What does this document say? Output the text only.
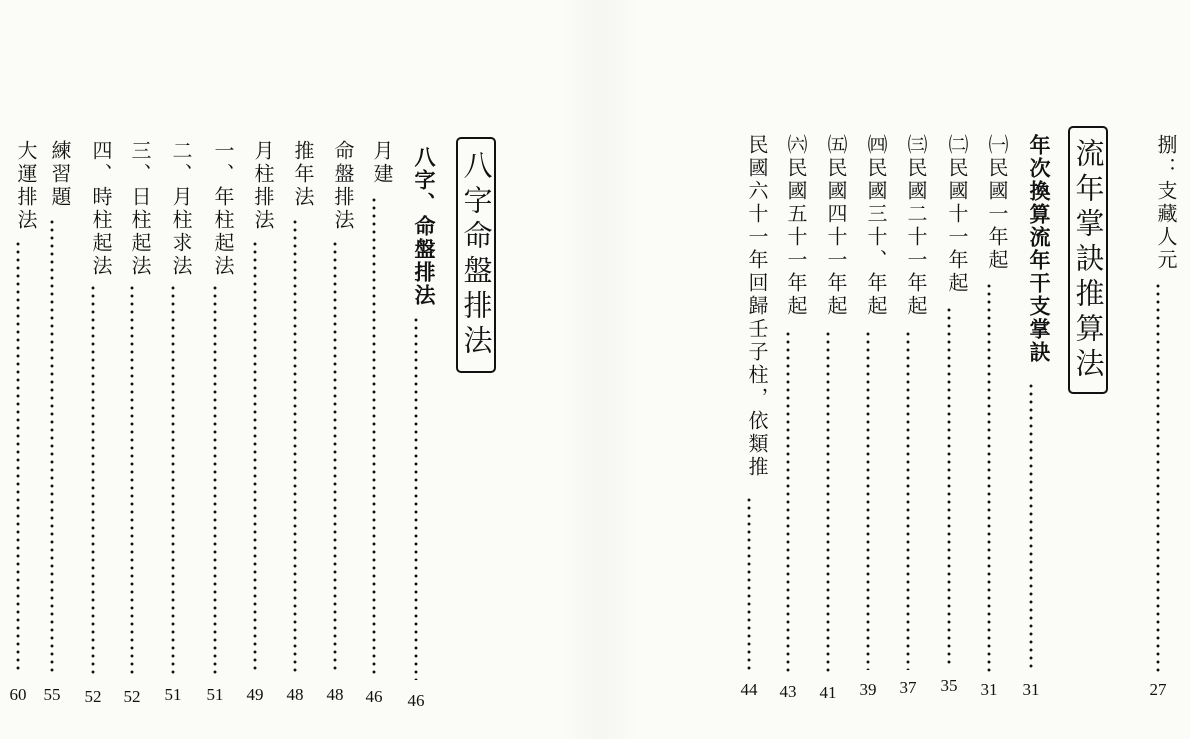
捌：支藏人元
27
流年掌訣推算法
年次換算流年干支掌訣
31
㈠民國一年起
31
㈡民國十一年起
35
㈢民國二十一年起
37
㈣民國三十、年起
39
㈤民國四十一年起
41
㈥民國五十一年起
43
民國六十一年回歸壬子柱，依類推
44
八字命盤排法
八字、命盤排法
46
月建
46
命盤排法
48
推年法
48
月柱排法
49
一、年柱起法
51
二、月柱求法
51
三、日柱起法
52
四、時柱起法
52
練習題
55
大運排法
60
